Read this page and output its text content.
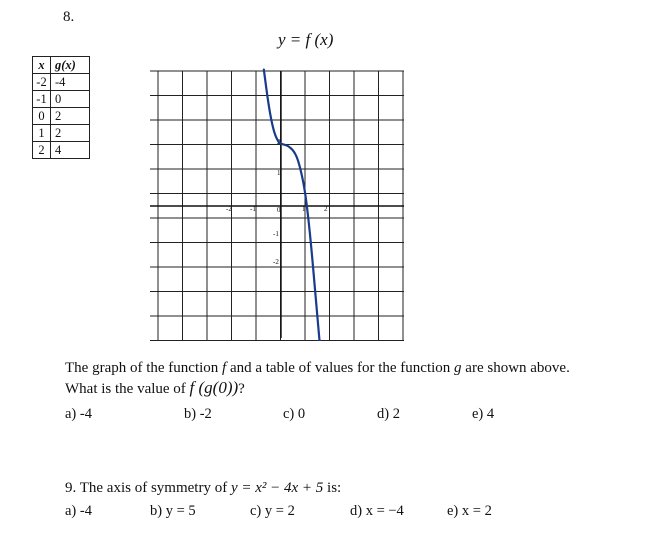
8.
y = f (x)
x	g(x)
-2	-4
-1	0
0	2
1	2
2	4
-2	-1	0	1	2
2
1
-1
-2
The graph of the function f and a table of values for the function g are shown above.
What is the value of f (g(0))?
a) -4	b) -2	c) 0	d) 2	e) 4
9. The axis of symmetry of y = x² − 4x + 5 is:
a) -4	b) y = 5	c) y = 2	d) x = −4	e) x = 2
